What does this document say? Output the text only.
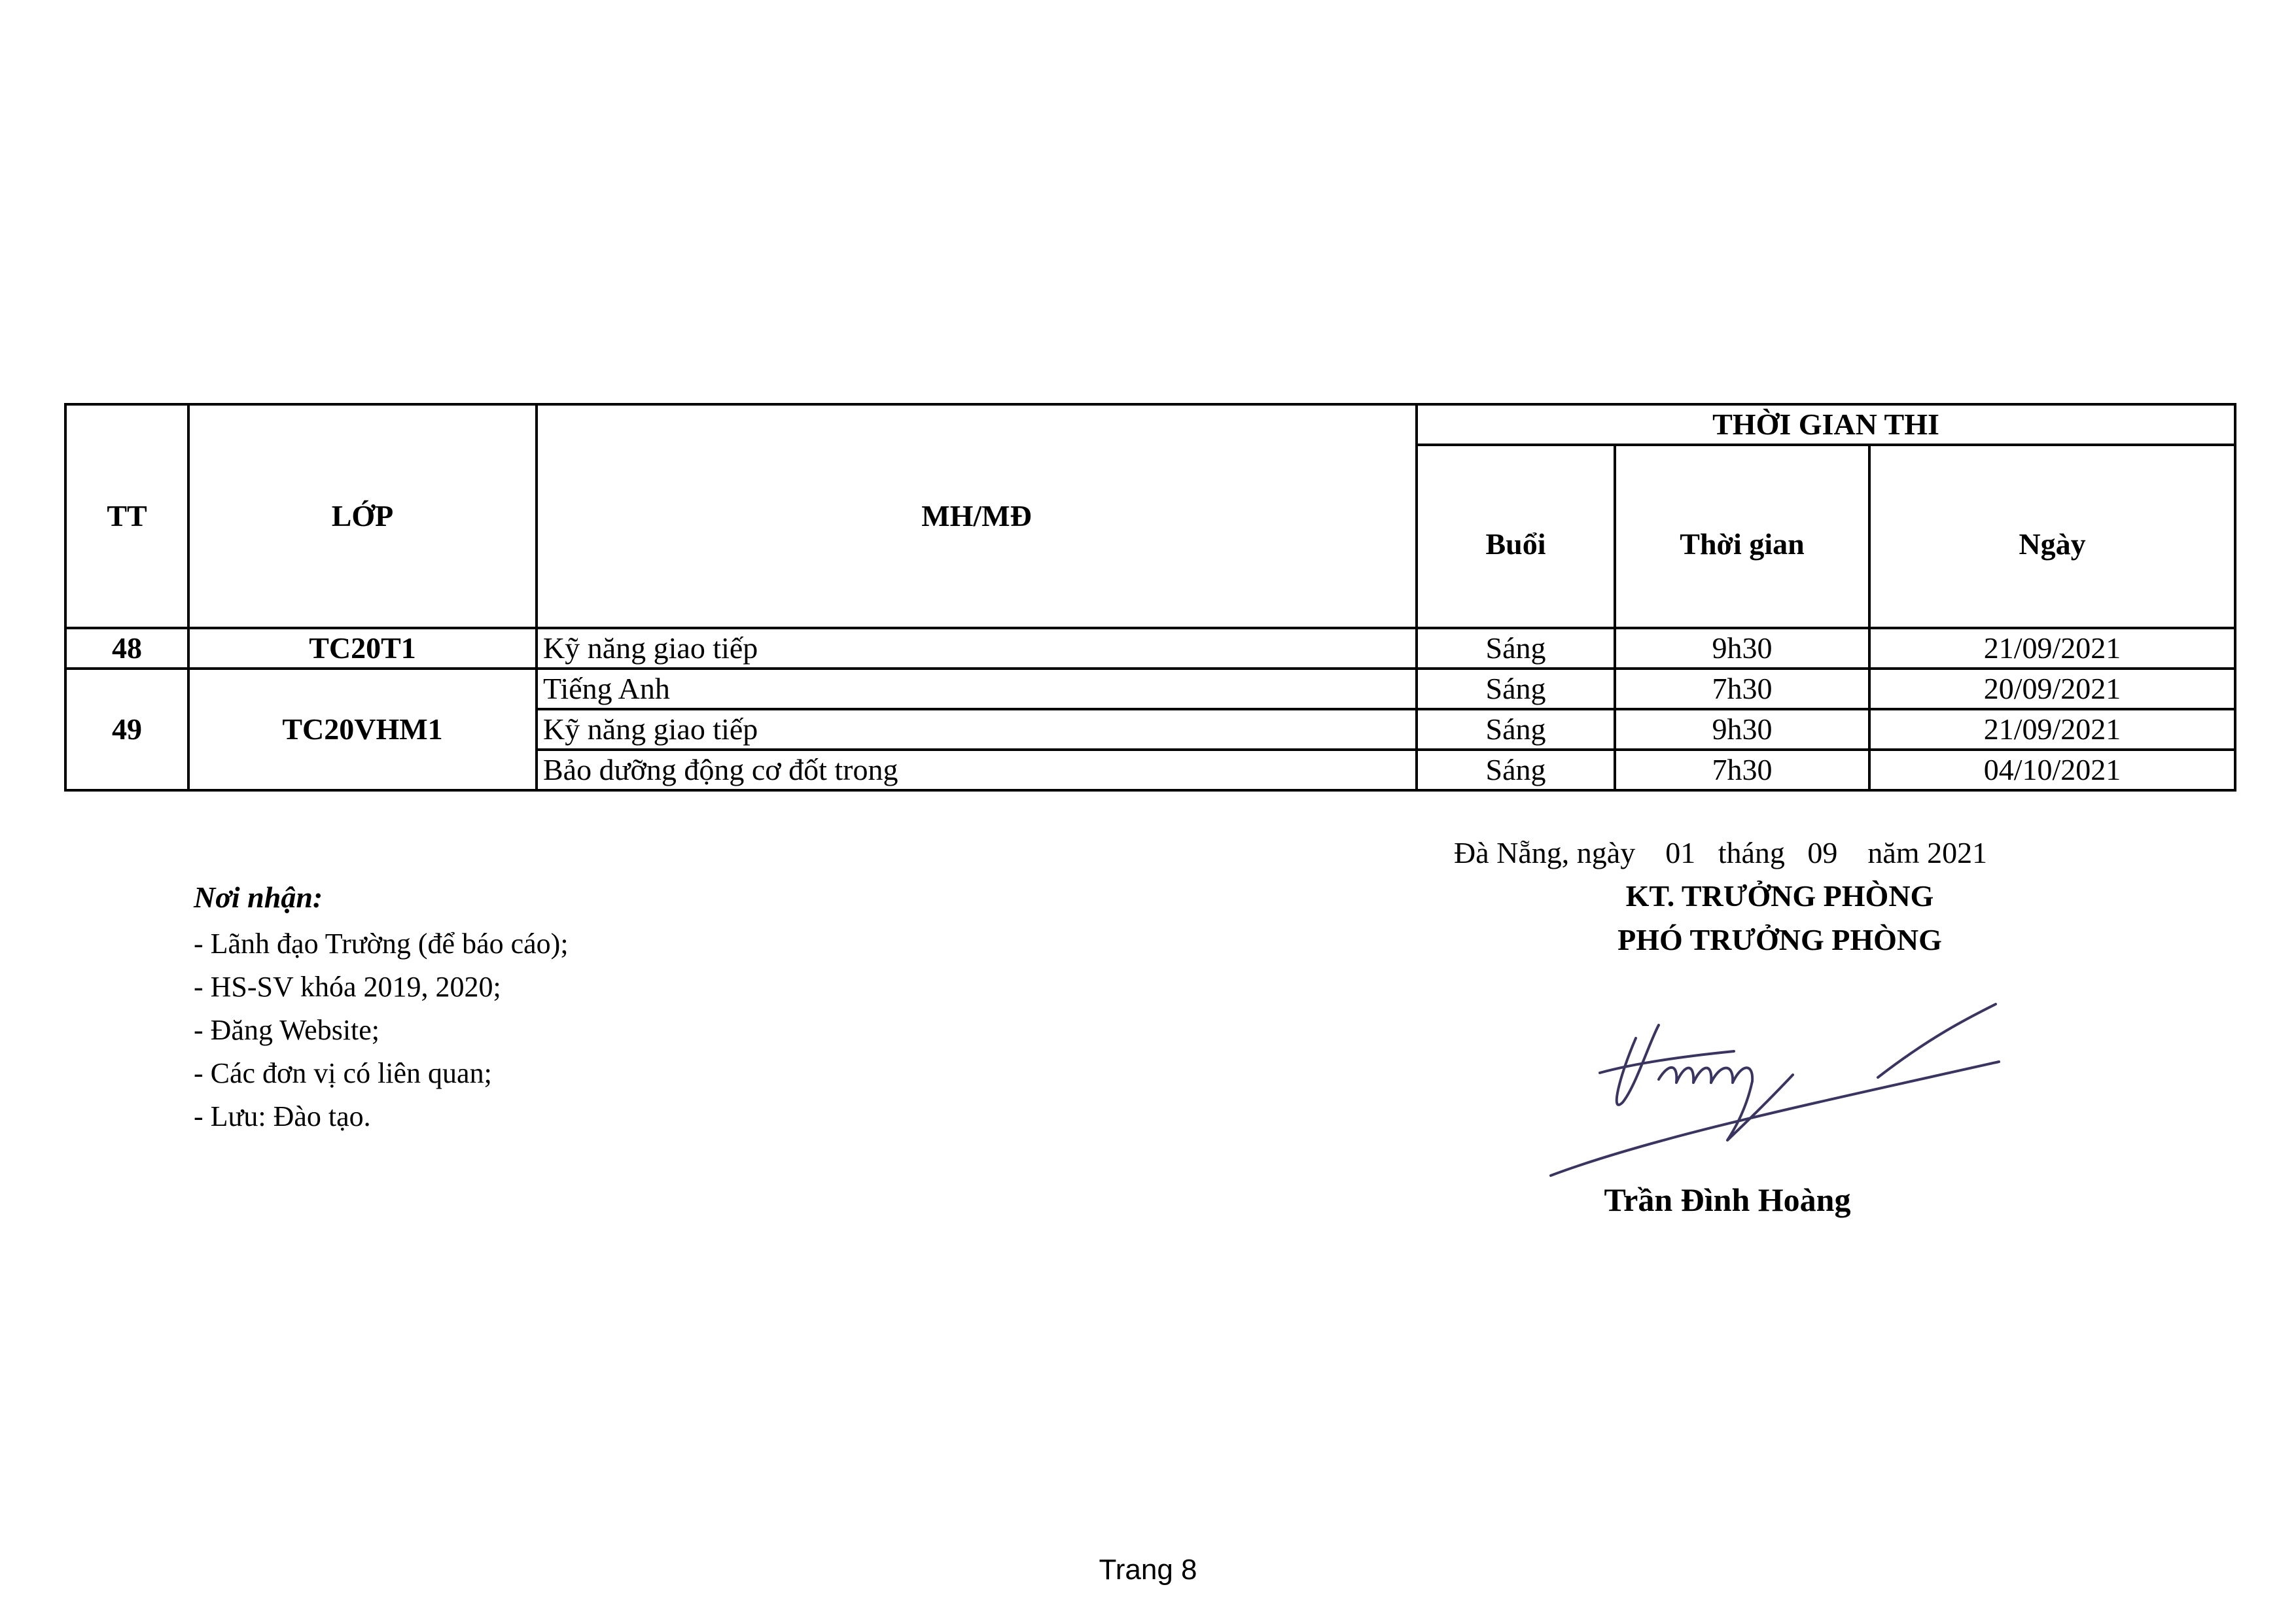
TT	LỚP	MH/MĐ	THỜI GIAN THI		
			Buổi	Thời gian	Ngày
48	TC20T1	Kỹ năng giao tiếp	Sáng	9h30	21/09/2021
49	TC20VHM1	Tiếng Anh	Sáng	7h30	20/09/2021
		Kỹ năng giao tiếp	Sáng	9h30	21/09/2021
		Bảo dưỡng động cơ đốt trong	Sáng	7h30	04/10/2021
Đà Nẵng, ngày    01   tháng   09    năm 2021
KT. TRƯỞNG PHÒNG
PHÓ TRƯỞNG PHÒNG
Trần Đình Hoàng
Nơi nhận:
- Lãnh đạo Trường (để báo cáo);
- HS-SV khóa 2019, 2020;
- Đăng Website;
- Các đơn vị có liên quan;
- Lưu: Đào tạo.
Trang 8
